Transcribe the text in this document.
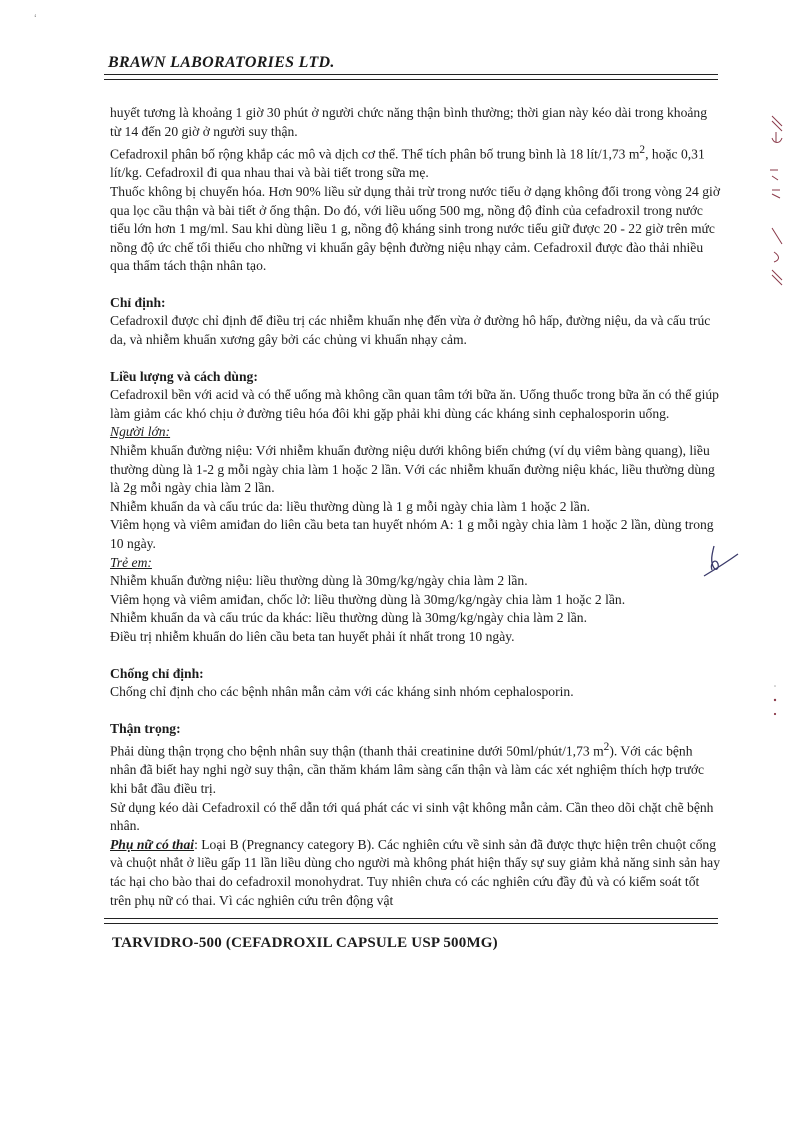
ʻ
BRAWN LABORATORIES LTD.

huyết tương là khoảng 1 giờ 30 phút ở người chức năng thận bình thường; thời gian này kéo dài trong khoảng từ 14 đến 20 giờ ở người suy thận.

Cefadroxil phân bố rộng khắp các mô và dịch cơ thể. Thể tích phân bố trung bình là 18 lít/1,73 $m^2$, hoặc 0,31 lít/kg. Cefadroxil đi qua nhau thai và bài tiết trong sữa mẹ.

Thuốc không bị chuyển hóa. Hơn 90% liều sử dụng thải trừ trong nước tiểu ở dạng không đổi trong vòng 24 giờ qua lọc cầu thận và bài tiết ở ống thận. Do đó, với liều uống 500 mg, nồng độ đỉnh của cefadroxil trong nước tiểu lớn hơn 1 mg/ml. Sau khi dùng liều 1 g, nồng độ kháng sinh trong nước tiểu giữ được 20 - 22 giờ trên mức nồng độ ức chế tối thiểu cho những vi khuẩn gây bệnh đường niệu nhạy cảm. Cefadroxil được đào thải nhiều qua thẩm tách thận nhân tạo.

Chỉ định:

Cefadroxil được chỉ định để điều trị các nhiễm khuẩn nhẹ đến vừa ở đường hô hấp, đường niệu, da và cấu trúc da, và nhiễm khuẩn xương gây bởi các chủng vi khuẩn nhạy cảm.

Liều lượng và cách dùng:

Cefadroxil bền với acid và có thể uống mà không cần quan tâm tới bữa ăn. Uống thuốc trong bữa ăn có thể giúp làm giảm các khó chịu ở đường tiêu hóa đôi khi gặp phải khi dùng các kháng sinh cephalosporin uống.

Người lớn:

Nhiễm khuẩn đường niệu: Với nhiễm khuẩn đường niệu dưới không biến chứng (ví dụ viêm bàng quang), liều thường dùng là 1-2 g mỗi ngày chia làm 1 hoặc 2 lần. Với các nhiễm khuẩn đường niệu khác, liều thường dùng là 2g mỗi ngày chia làm 2 lần.

Nhiễm khuẩn da và cấu trúc da: liều thường dùng là 1 g mỗi ngày chia làm 1 hoặc 2 lần.

Viêm họng và viêm amiđan do liên cầu beta tan huyết nhóm A: 1 g mỗi ngày chia làm 1 hoặc 2 lần, dùng trong 10 ngày.

Trẻ em:

Nhiễm khuẩn đường niệu: liều thường dùng là 30mg/kg/ngày chia làm 2 lần.

Viêm họng và viêm amiđan, chốc lở: liều thường dùng là 30mg/kg/ngày chia làm 1 hoặc 2 lần.

Nhiễm khuẩn da và cấu trúc da khác: liều thường dùng là 30mg/kg/ngày chia làm 2 lần.

Điều trị nhiễm khuẩn do liên cầu beta tan huyết phải ít nhất trong 10 ngày.

Chống chỉ định:

Chống chỉ định cho các bệnh nhân mẫn cảm với các kháng sinh nhóm cephalosporin.

Thận trọng:

Phải dùng thận trọng cho bệnh nhân suy thận (thanh thải creatinine dưới 50ml/phút/1,73 $m^2$). Với các bệnh nhân đã biết hay nghi ngờ suy thận, cần thăm khám lâm sàng cẩn thận và làm các xét nghiệm thích hợp trước khi bắt đầu điều trị.

Sử dụng kéo dài Cefadroxil có thể dẫn tới quá phát các vi sinh vật không mẫn cảm. Cần theo dõi chặt chẽ bệnh nhân.

Phụ nữ có thai: Loại B (Pregnancy category B). Các nghiên cứu về sinh sản đã được thực hiện trên chuột cống và chuột nhắt ở liều gấp 11 lần liều dùng cho người mà không phát hiện thấy sự suy giảm khả năng sinh sản hay tác hại cho bào thai do cefadroxil monohydrat. Tuy nhiên chưa có các nghiên cứu đầy đủ và có kiểm soát tốt trên phụ nữ có thai. Vì các nghiên cứu trên động vật

TARVIDRO-500 (CEFADROXIL CAPSULE USP 500MG)
